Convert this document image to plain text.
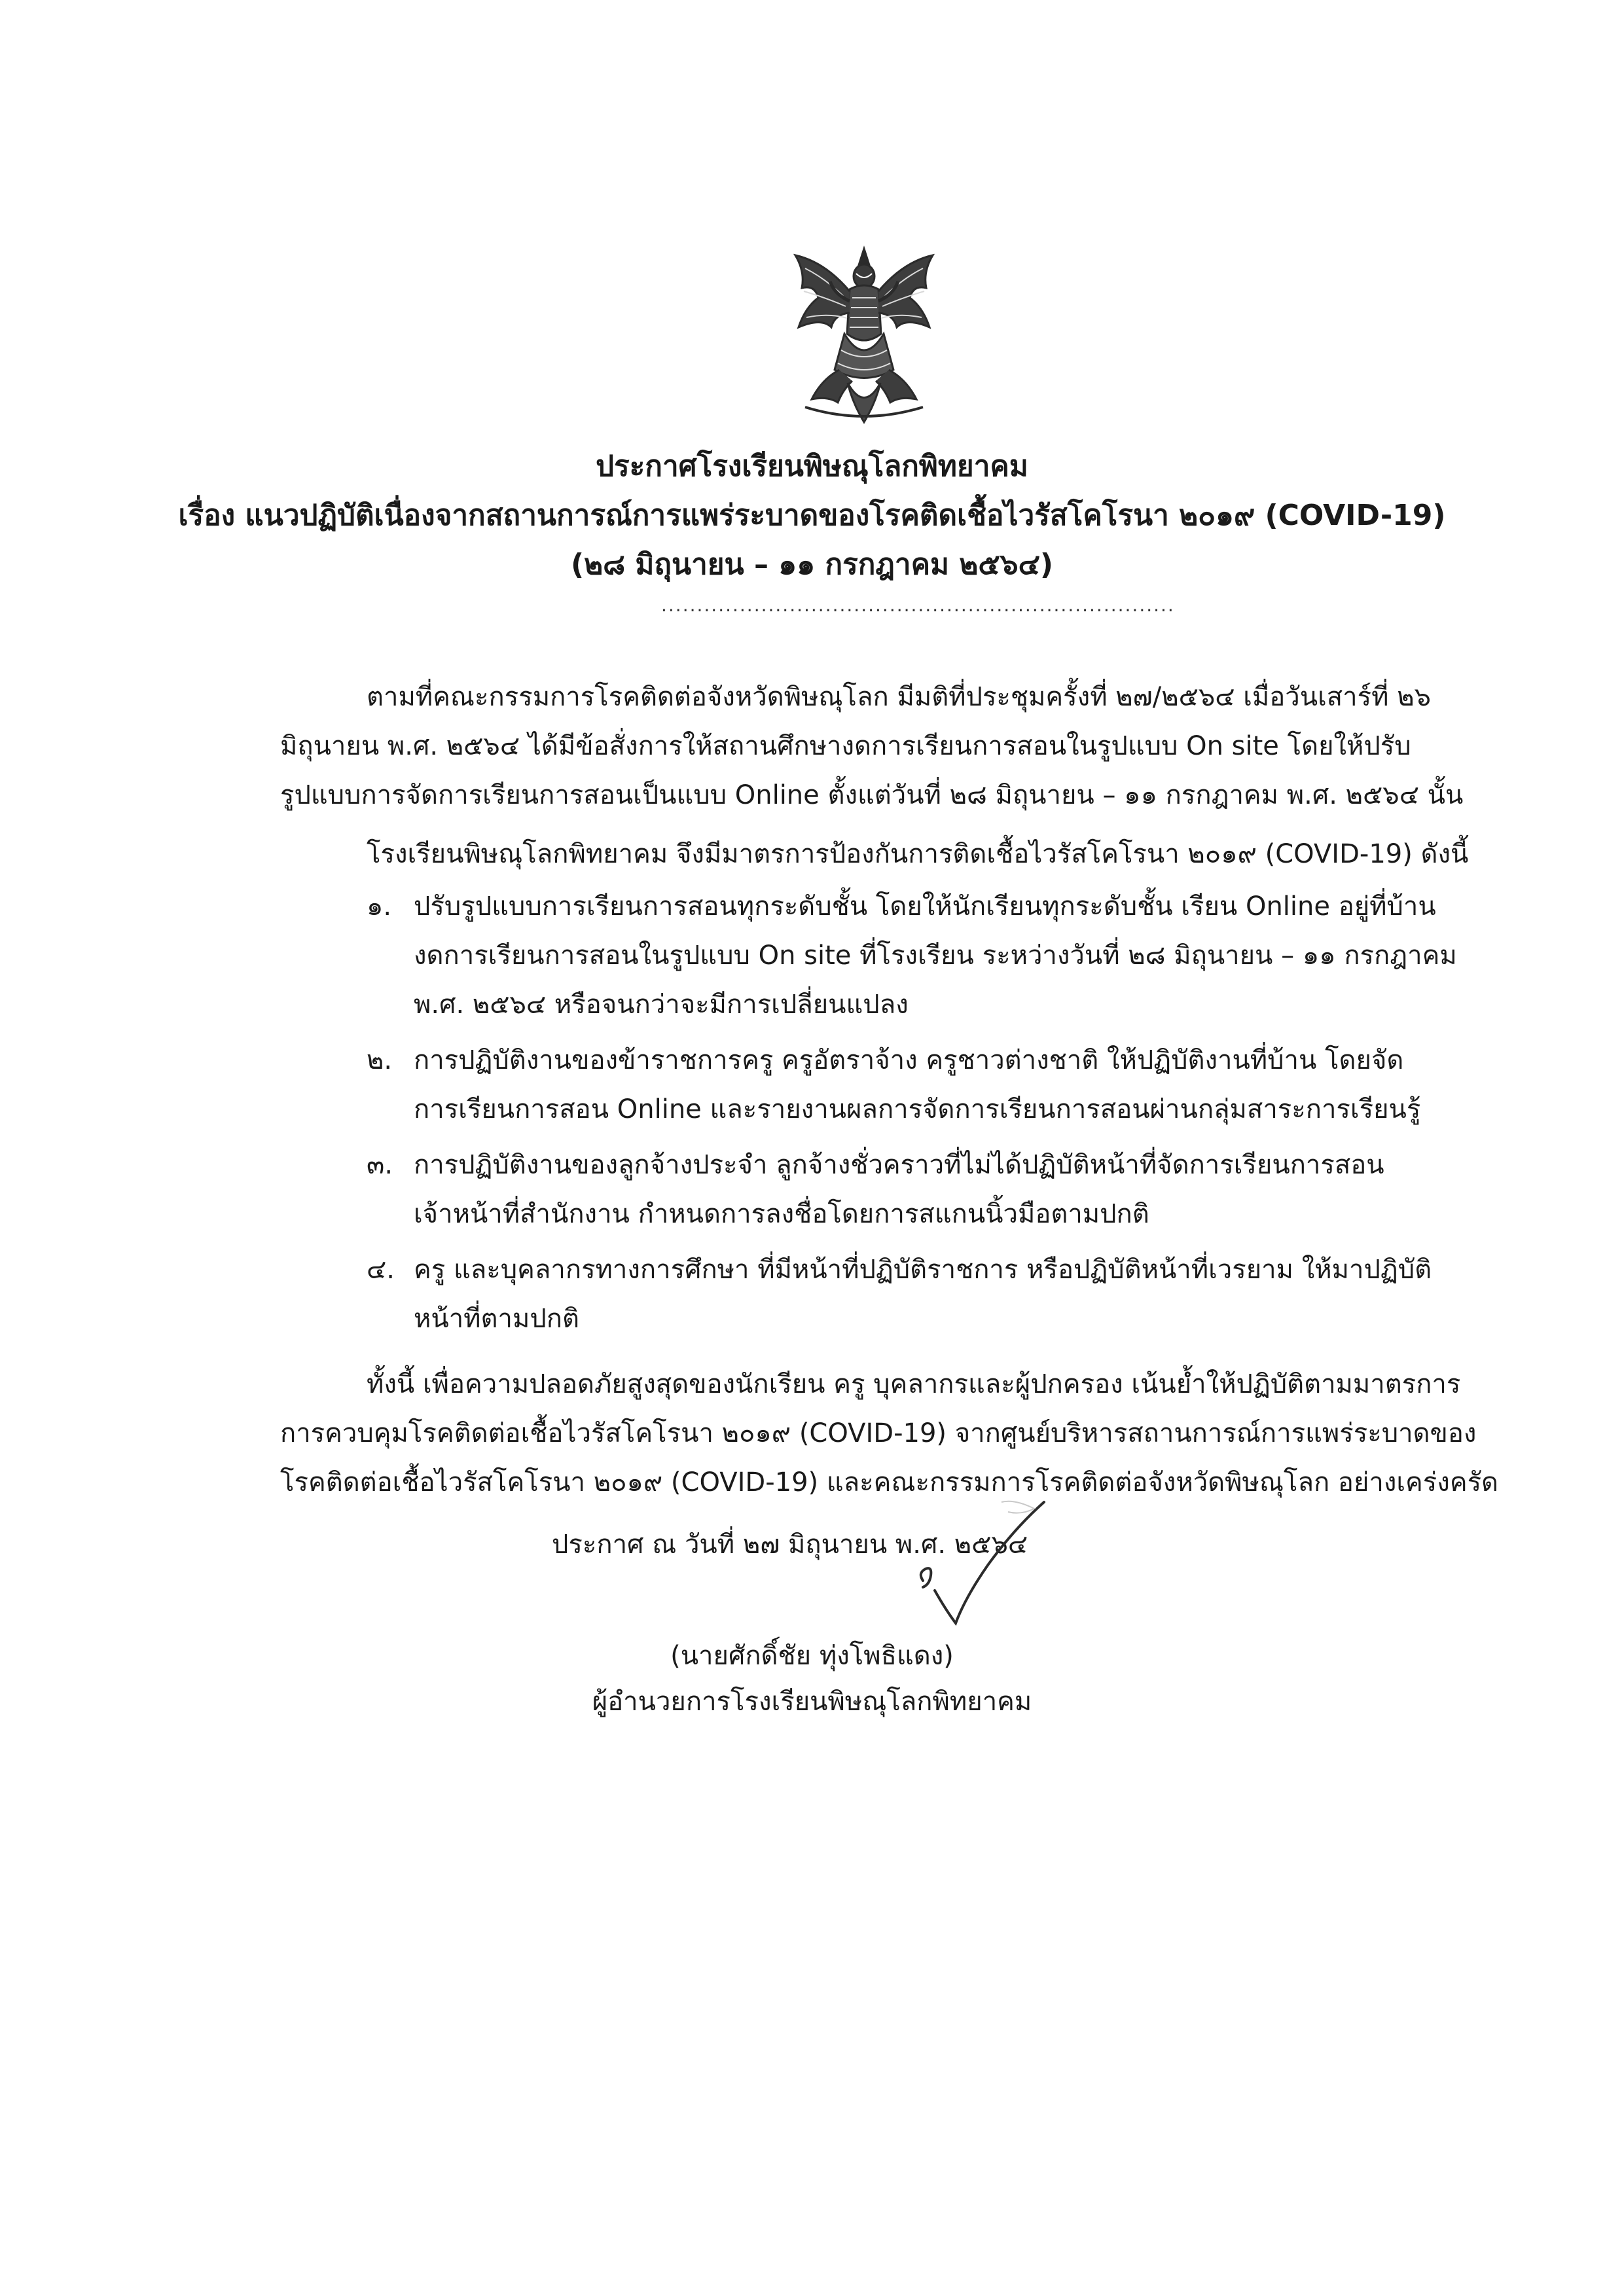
ประกาศโรงเรียนพิษณุโลกพิทยาคม
เรื่อง แนวปฏิบัติเนื่องจากสถานการณ์การแพร่ระบาดของโรคติดเชื้อไวรัสโคโรนา ๒๐๑๙ (COVID-19)
(๒๘ มิถุนายน – ๑๑ กรกฎาคม ๒๕๖๔)
........................................................................
ตามที่คณะกรรมการโรคติดต่อจังหวัดพิษณุโลก มีมติที่ประชุมครั้งที่ ๒๗/๒๕๖๔ เมื่อวันเสาร์ที่ ๒๖
มิถุนายน พ.ศ. ๒๕๖๔ ได้มีข้อสั่งการให้สถานศึกษางดการเรียนการสอนในรูปแบบ On site โดยให้ปรับ
รูปแบบการจัดการเรียนการสอนเป็นแบบ Online ตั้งแต่วันที่ ๒๘ มิถุนายน – ๑๑ กรกฎาคม พ.ศ. ๒๕๖๔ นั้น
โรงเรียนพิษณุโลกพิทยาคม จึงมีมาตรการป้องกันการติดเชื้อไวรัสโคโรนา ๒๐๑๙ (COVID-19) ดังนี้
๑. ปรับรูปแบบการเรียนการสอนทุกระดับชั้น โดยให้นักเรียนทุกระดับชั้น เรียน Online อยู่ที่บ้าน
งดการเรียนการสอนในรูปแบบ On site ที่โรงเรียน ระหว่างวันที่ ๒๘ มิถุนายน – ๑๑ กรกฎาคม
พ.ศ. ๒๕๖๔ หรือจนกว่าจะมีการเปลี่ยนแปลง
๒. การปฏิบัติงานของข้าราชการครู ครูอัตราจ้าง ครูชาวต่างชาติ ให้ปฏิบัติงานที่บ้าน โดยจัด
การเรียนการสอน Online และรายงานผลการจัดการเรียนการสอนผ่านกลุ่มสาระการเรียนรู้
๓. การปฏิบัติงานของลูกจ้างประจำ ลูกจ้างชั่วคราวที่ไม่ได้ปฏิบัติหน้าที่จัดการเรียนการสอน
เจ้าหน้าที่สำนักงาน กำหนดการลงชื่อโดยการสแกนนิ้วมือตามปกติ
๔. ครู และบุคลากรทางการศึกษา ที่มีหน้าที่ปฏิบัติราชการ หรือปฏิบัติหน้าที่เวรยาม ให้มาปฏิบัติ
หน้าที่ตามปกติ
ทั้งนี้ เพื่อความปลอดภัยสูงสุดของนักเรียน ครู บุคลากรและผู้ปกครอง เน้นย้ำให้ปฏิบัติตามมาตรการ
การควบคุมโรคติดต่อเชื้อไวรัสโคโรนา ๒๐๑๙ (COVID-19) จากศูนย์บริหารสถานการณ์การแพร่ระบาดของ
โรคติดต่อเชื้อไวรัสโคโรนา ๒๐๑๙ (COVID-19) และคณะกรรมการโรคติดต่อจังหวัดพิษณุโลก อย่างเคร่งครัด
ประกาศ ณ วันที่ ๒๗ มิถุนายน พ.ศ. ๒๕๖๔
(นายศักดิ์ชัย ทุ่งโพธิแดง)
ผู้อำนวยการโรงเรียนพิษณุโลกพิทยาคม
